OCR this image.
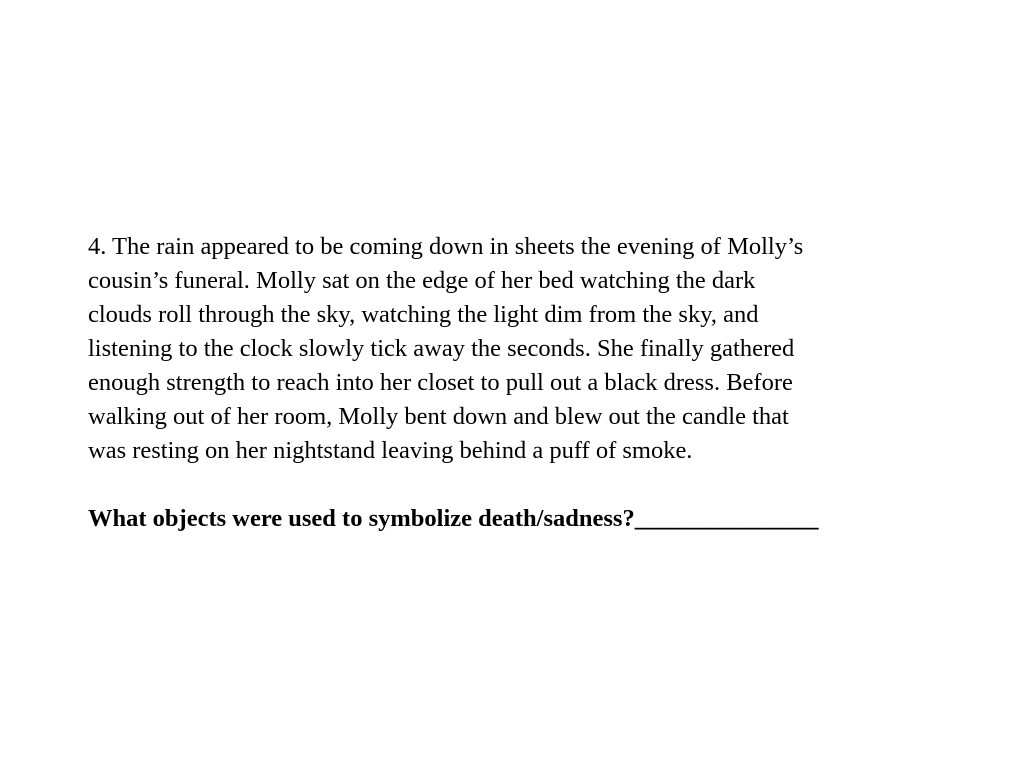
4. The rain appeared to be coming down in sheets the evening of Molly’s
cousin’s funeral. Molly sat on the edge of her bed watching the dark
clouds roll through the sky, watching the light dim from the sky, and
listening to the clock slowly tick away the seconds. She finally gathered
enough strength to reach into her closet to pull out a black dress. Before
walking out of her room, Molly bent down and blew out the candle that
was resting on her nightstand leaving behind a puff of smoke.

What objects were used to symbolize death/sadness?_______________
